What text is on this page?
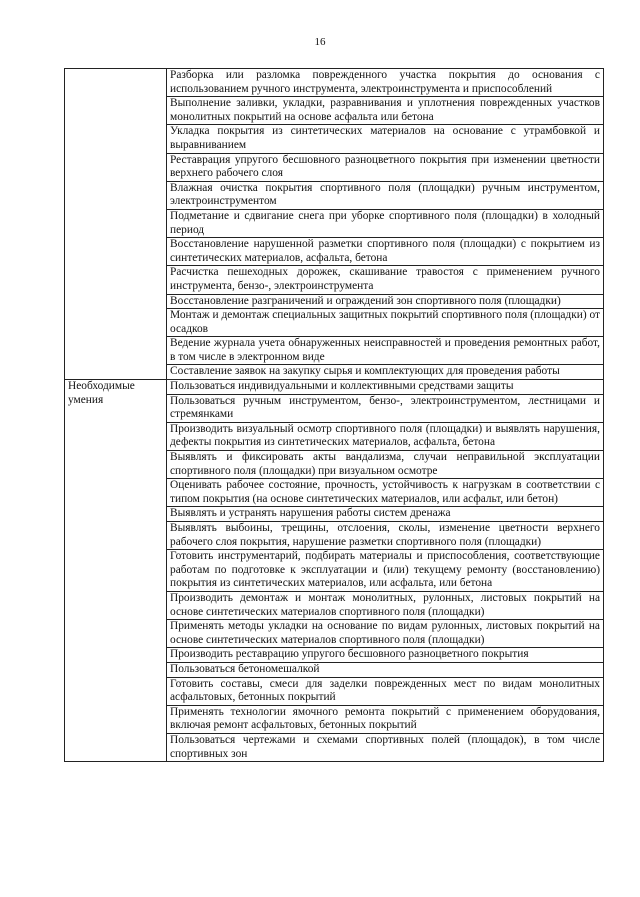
16
	Разборка или разломка поврежденного участка покрытия до основания с использованием ручного инструмента, электроинструмента и приспособлений
	Выполнение заливки, укладки, разравнивания и уплотнения поврежденных участков монолитных покрытий на основе асфальта или бетона
	Укладка покрытия из синтетических материалов на основание с утрамбовкой и выравниванием
	Реставрация упругого бесшовного разноцветного покрытия при изменении цветности верхнего рабочего слоя
	Влажная очистка покрытия спортивного поля (площадки) ручным инструментом, электроинструментом
	Подметание и сдвигание снега при уборке спортивного поля (площадки) в холодный период
	Восстановление нарушенной разметки спортивного поля (площадки) с покрытием из синтетических материалов, асфальта, бетона
	Расчистка пешеходных дорожек, скашивание травостоя с применением ручного инструмента, бензо-, электроинструмента
	Восстановление разграничений и ограждений зон спортивного поля (площадки)
	Монтаж и демонтаж специальных защитных покрытий спортивного поля (площадки) от осадков
	Ведение журнала учета обнаруженных неисправностей и проведения ремонтных работ, в том числе в электронном виде
	Составление заявок на закупку сырья и комплектующих для проведения работы
Необходимые умения	Пользоваться индивидуальными и коллективными средствами защиты
	Пользоваться ручным инструментом, бензо-, электроинструментом, лестницами и стремянками
	Производить визуальный осмотр спортивного поля (площадки) и выявлять нарушения, дефекты покрытия из синтетических материалов, асфальта, бетона
	Выявлять и фиксировать акты вандализма, случаи неправильной эксплуатации спортивного поля (площадки) при визуальном осмотре
	Оценивать рабочее состояние, прочность, устойчивость к нагрузкам в соответствии с типом покрытия (на основе синтетических материалов, или асфальт, или бетон)
	Выявлять и устранять нарушения работы систем дренажа
	Выявлять выбоины, трещины, отслоения, сколы, изменение цветности верхнего рабочего слоя покрытия, нарушение разметки спортивного поля (площадки)
	Готовить инструментарий, подбирать материалы и приспособления, соответствующие работам по подготовке к эксплуатации и (или) текущему ремонту (восстановлению) покрытия из синтетических материалов, или асфальта, или бетона
	Производить демонтаж и монтаж монолитных, рулонных, листовых покрытий на основе синтетических материалов спортивного поля (площадки)
	Применять методы укладки на основание по видам рулонных, листовых покрытий на основе синтетических материалов спортивного поля (площадки)
	Производить реставрацию упругого бесшовного разноцветного покрытия
	Пользоваться бетономешалкой
	Готовить составы, смеси для заделки поврежденных мест по видам монолитных асфальтовых, бетонных покрытий
	Применять технологии ямочного ремонта покрытий с применением оборудования, включая ремонт асфальтовых, бетонных покрытий
	Пользоваться чертежами и схемами спортивных полей (площадок), в том числе спортивных зон
